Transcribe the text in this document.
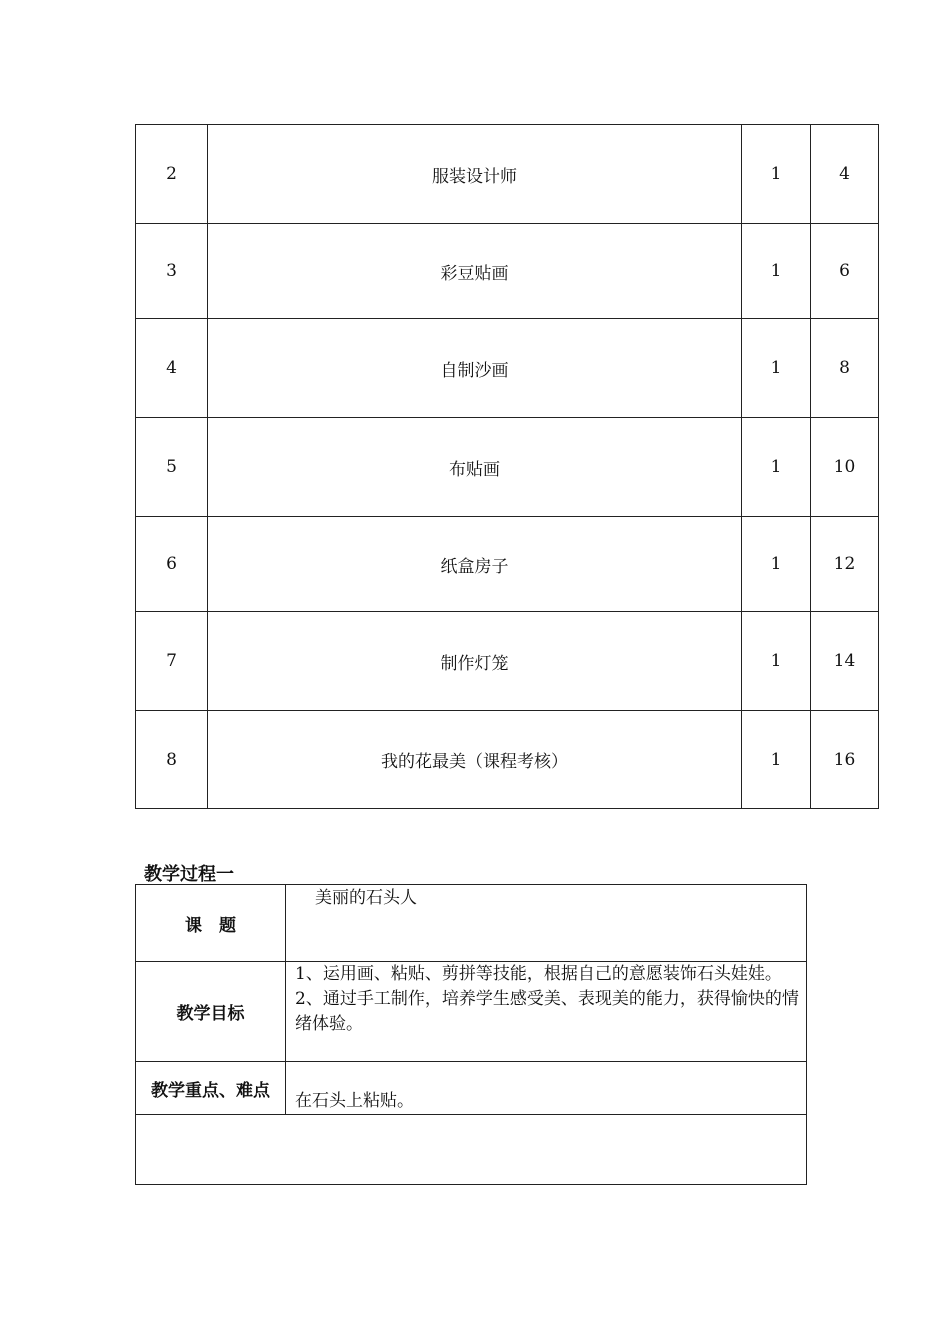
2	服装设计师	1	4
3	彩豆贴画	1	6
4	自制沙画	1	8
5	布贴画	1	10
6	纸盒房子	1	12
7	制作灯笼	1	14
8	我的花最美（课程考核）	1	16
教学过程一
课　题	美丽的石头人

教学目标	1、运用画、粘贴、剪拼等技能，根据自己的意愿装饰石头娃娃。
2、通过手工制作，培养学生感受美、表现美的能力，获得愉快的情绪体验。

教学重点、难点	在石头上粘贴。
